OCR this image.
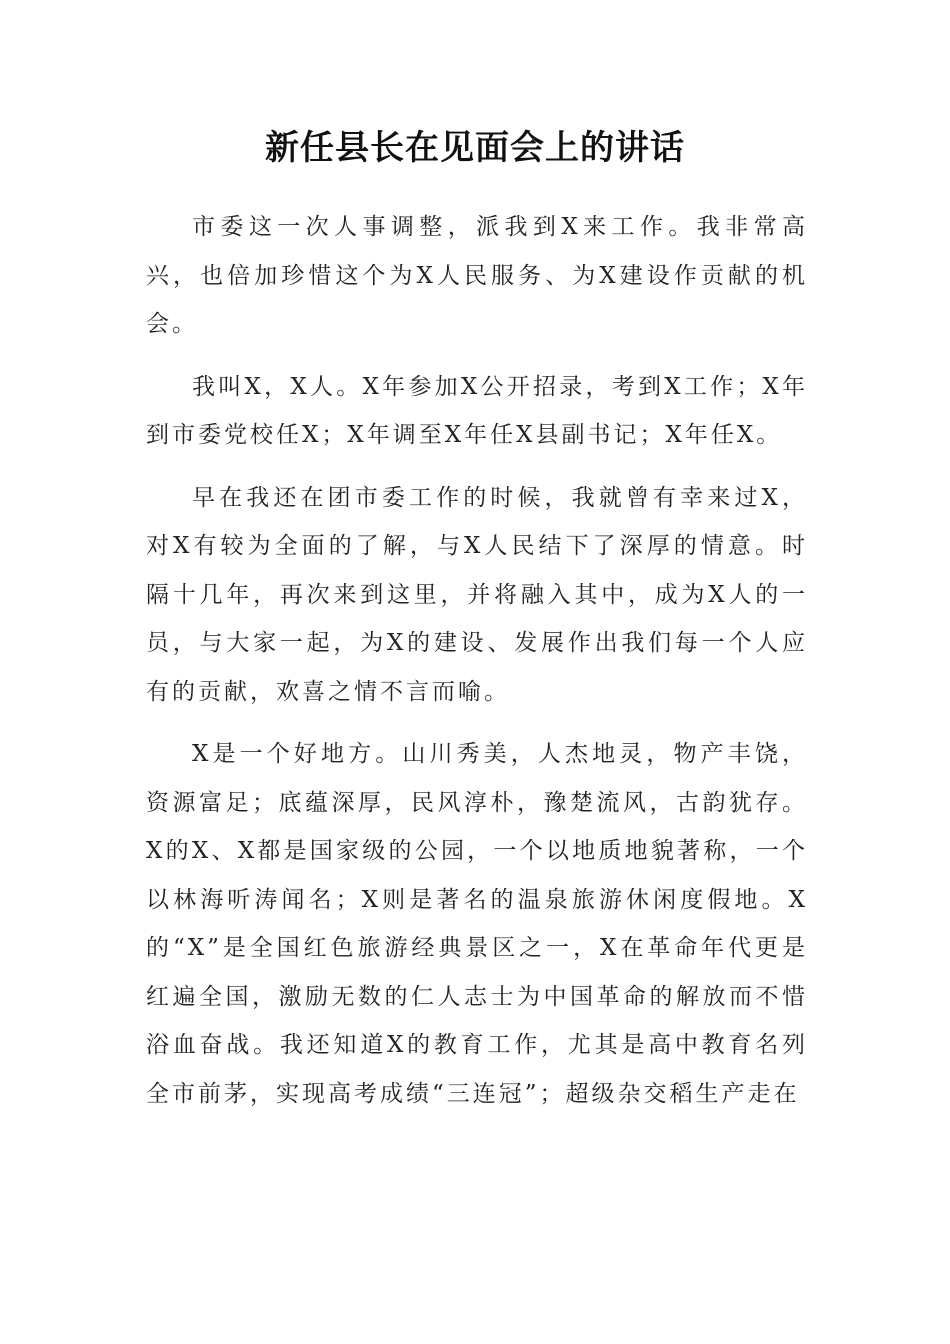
新任县长在见面会上的讲话

市委这一次人事调整，派我到X来工作。我非常高兴，也倍加珍惜这个为X人民服务、为X建设作贡献的机会。

我叫X，X人。X年参加X公开招录，考到X工作；X年到市委党校任X；X年调至X年任X县副书记；X年任X。

早在我还在团市委工作的时候，我就曾有幸来过X，对X有较为全面的了解，与X人民结下了深厚的情意。时隔十几年，再次来到这里，并将融入其中，成为X人的一员，与大家一起，为X的建设、发展作出我们每一个人应有的贡献，欢喜之情不言而喻。

X是一个好地方。山川秀美，人杰地灵，物产丰饶，资源富足；底蕴深厚，民风淳朴，豫楚流风，古韵犹存。X的X、X都是国家级的公园，一个以地质地貌著称，一个以林海听涛闻名；X则是著名的温泉旅游休闲度假地。X的“X”是全国红色旅游经典景区之一，X在革命年代更是红遍全国，激励无数的仁人志士为中国革命的解放而不惜浴血奋战。我还知道X的教育工作，尤其是高中教育名列全市前茅，实现高考成绩“三连冠”；超级杂交稻生产走在
